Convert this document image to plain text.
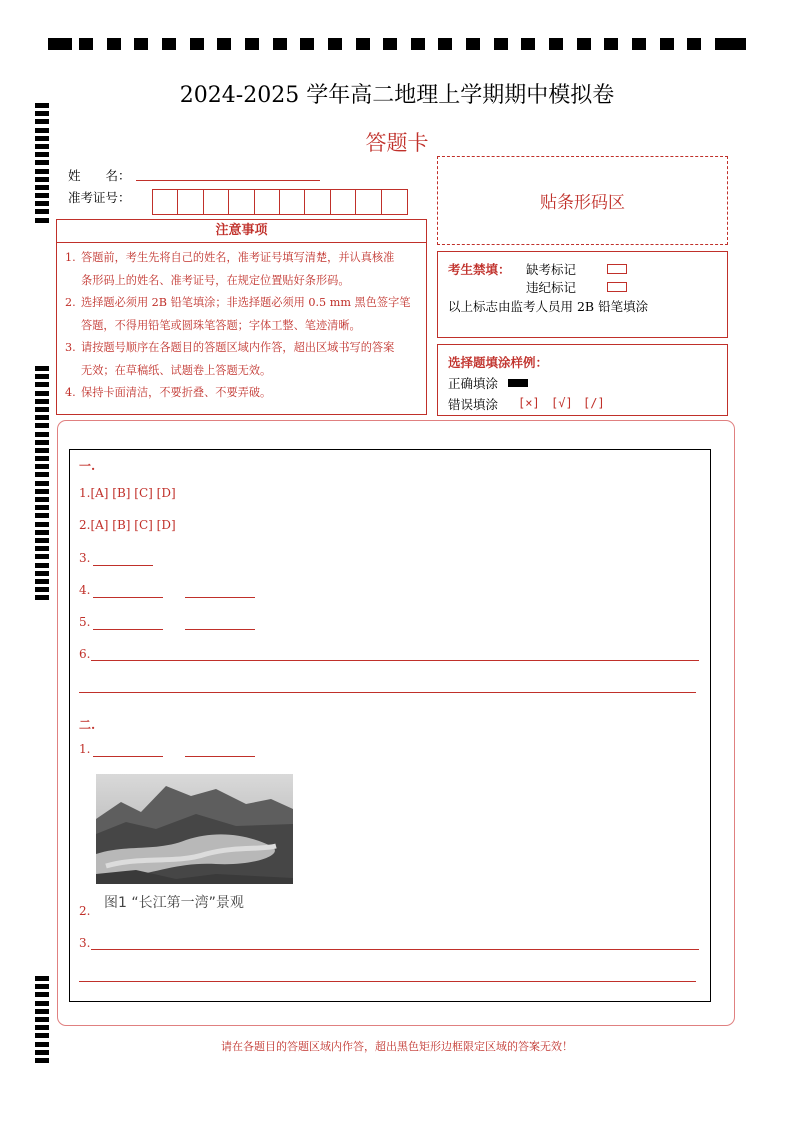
2024-2025 学年高二地理上学期期中模拟卷
答题卡
姓　　名：
准考证号：	贴条形码区
注意事项
1. 答题前，考生先将自己的姓名，准考证号填写清楚，并认真核准
条形码上的姓名、准考证号，在规定位置贴好条形码。
2. 选择题必须用 2B 铅笔填涂；非选择题必须用 0.5 mm 黑色签字笔
答题，不得用铅笔或圆珠笔答题；字体工整、笔迹清晰。
3. 请按题号顺序在各题目的答题区域内作答，超出区域书写的答案
无效；在草稿纸、试题卷上答题无效。
4. 保持卡面清洁，不要折叠、不要弄破。
考生禁填： 缺考标记
违纪标记
以上标志由监考人员用 2B 铅笔填涂
选择题填涂样例：
正确填涂
错误填涂 [×] [√] [/]
一.
1.[A] [B] [C] [D]
2.[A] [B] [C] [D]
3.
4.
5.
6.
二.
1.
2. 图1 “长江第一湾”景观
3.
请在各题目的答题区域内作答，超出黑色矩形边框限定区域的答案无效！
